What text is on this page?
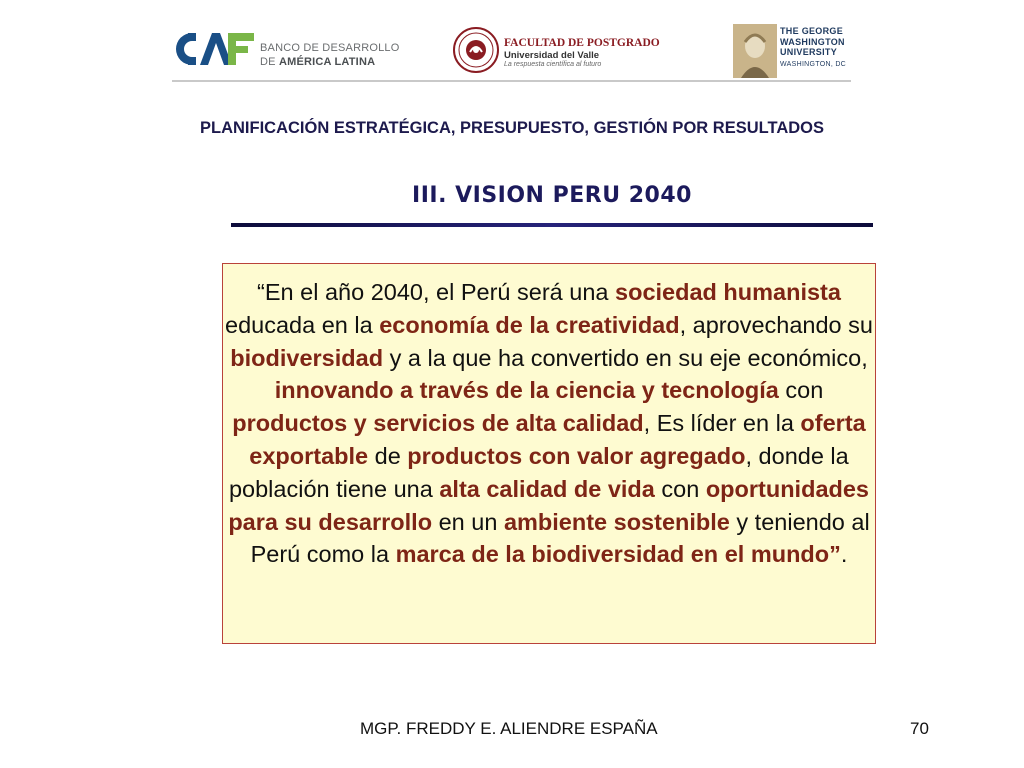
BANCO DE DESARROLLO
DE AMÉRICA LATINA
FACULTAD DE POSTGRADO
Universidad del Valle
La respuesta científica al futuro
THE GEORGE
WASHINGTON
UNIVERSITY
WASHINGTON, DC
PLANIFICACIÓN ESTRATÉGICA, PRESUPUESTO, GESTIÓN POR RESULTADOS
III. VISION PERU 2040
“En el año 2040, el Perú será una sociedad humanista educada en la economía de la creatividad, aprovechando su biodiversidad y a la que ha convertido en su eje económico, innovando a través de la ciencia y tecnología con productos y servicios de alta calidad, Es líder en la oferta exportable de productos con valor agregado, donde la población tiene una alta calidad de vida con oportunidades para su desarrollo en un ambiente sostenible y teniendo al Perú como la marca de la biodiversidad en el mundo”.
MGP. FREDDY E. ALIENDRE ESPAÑA	70
